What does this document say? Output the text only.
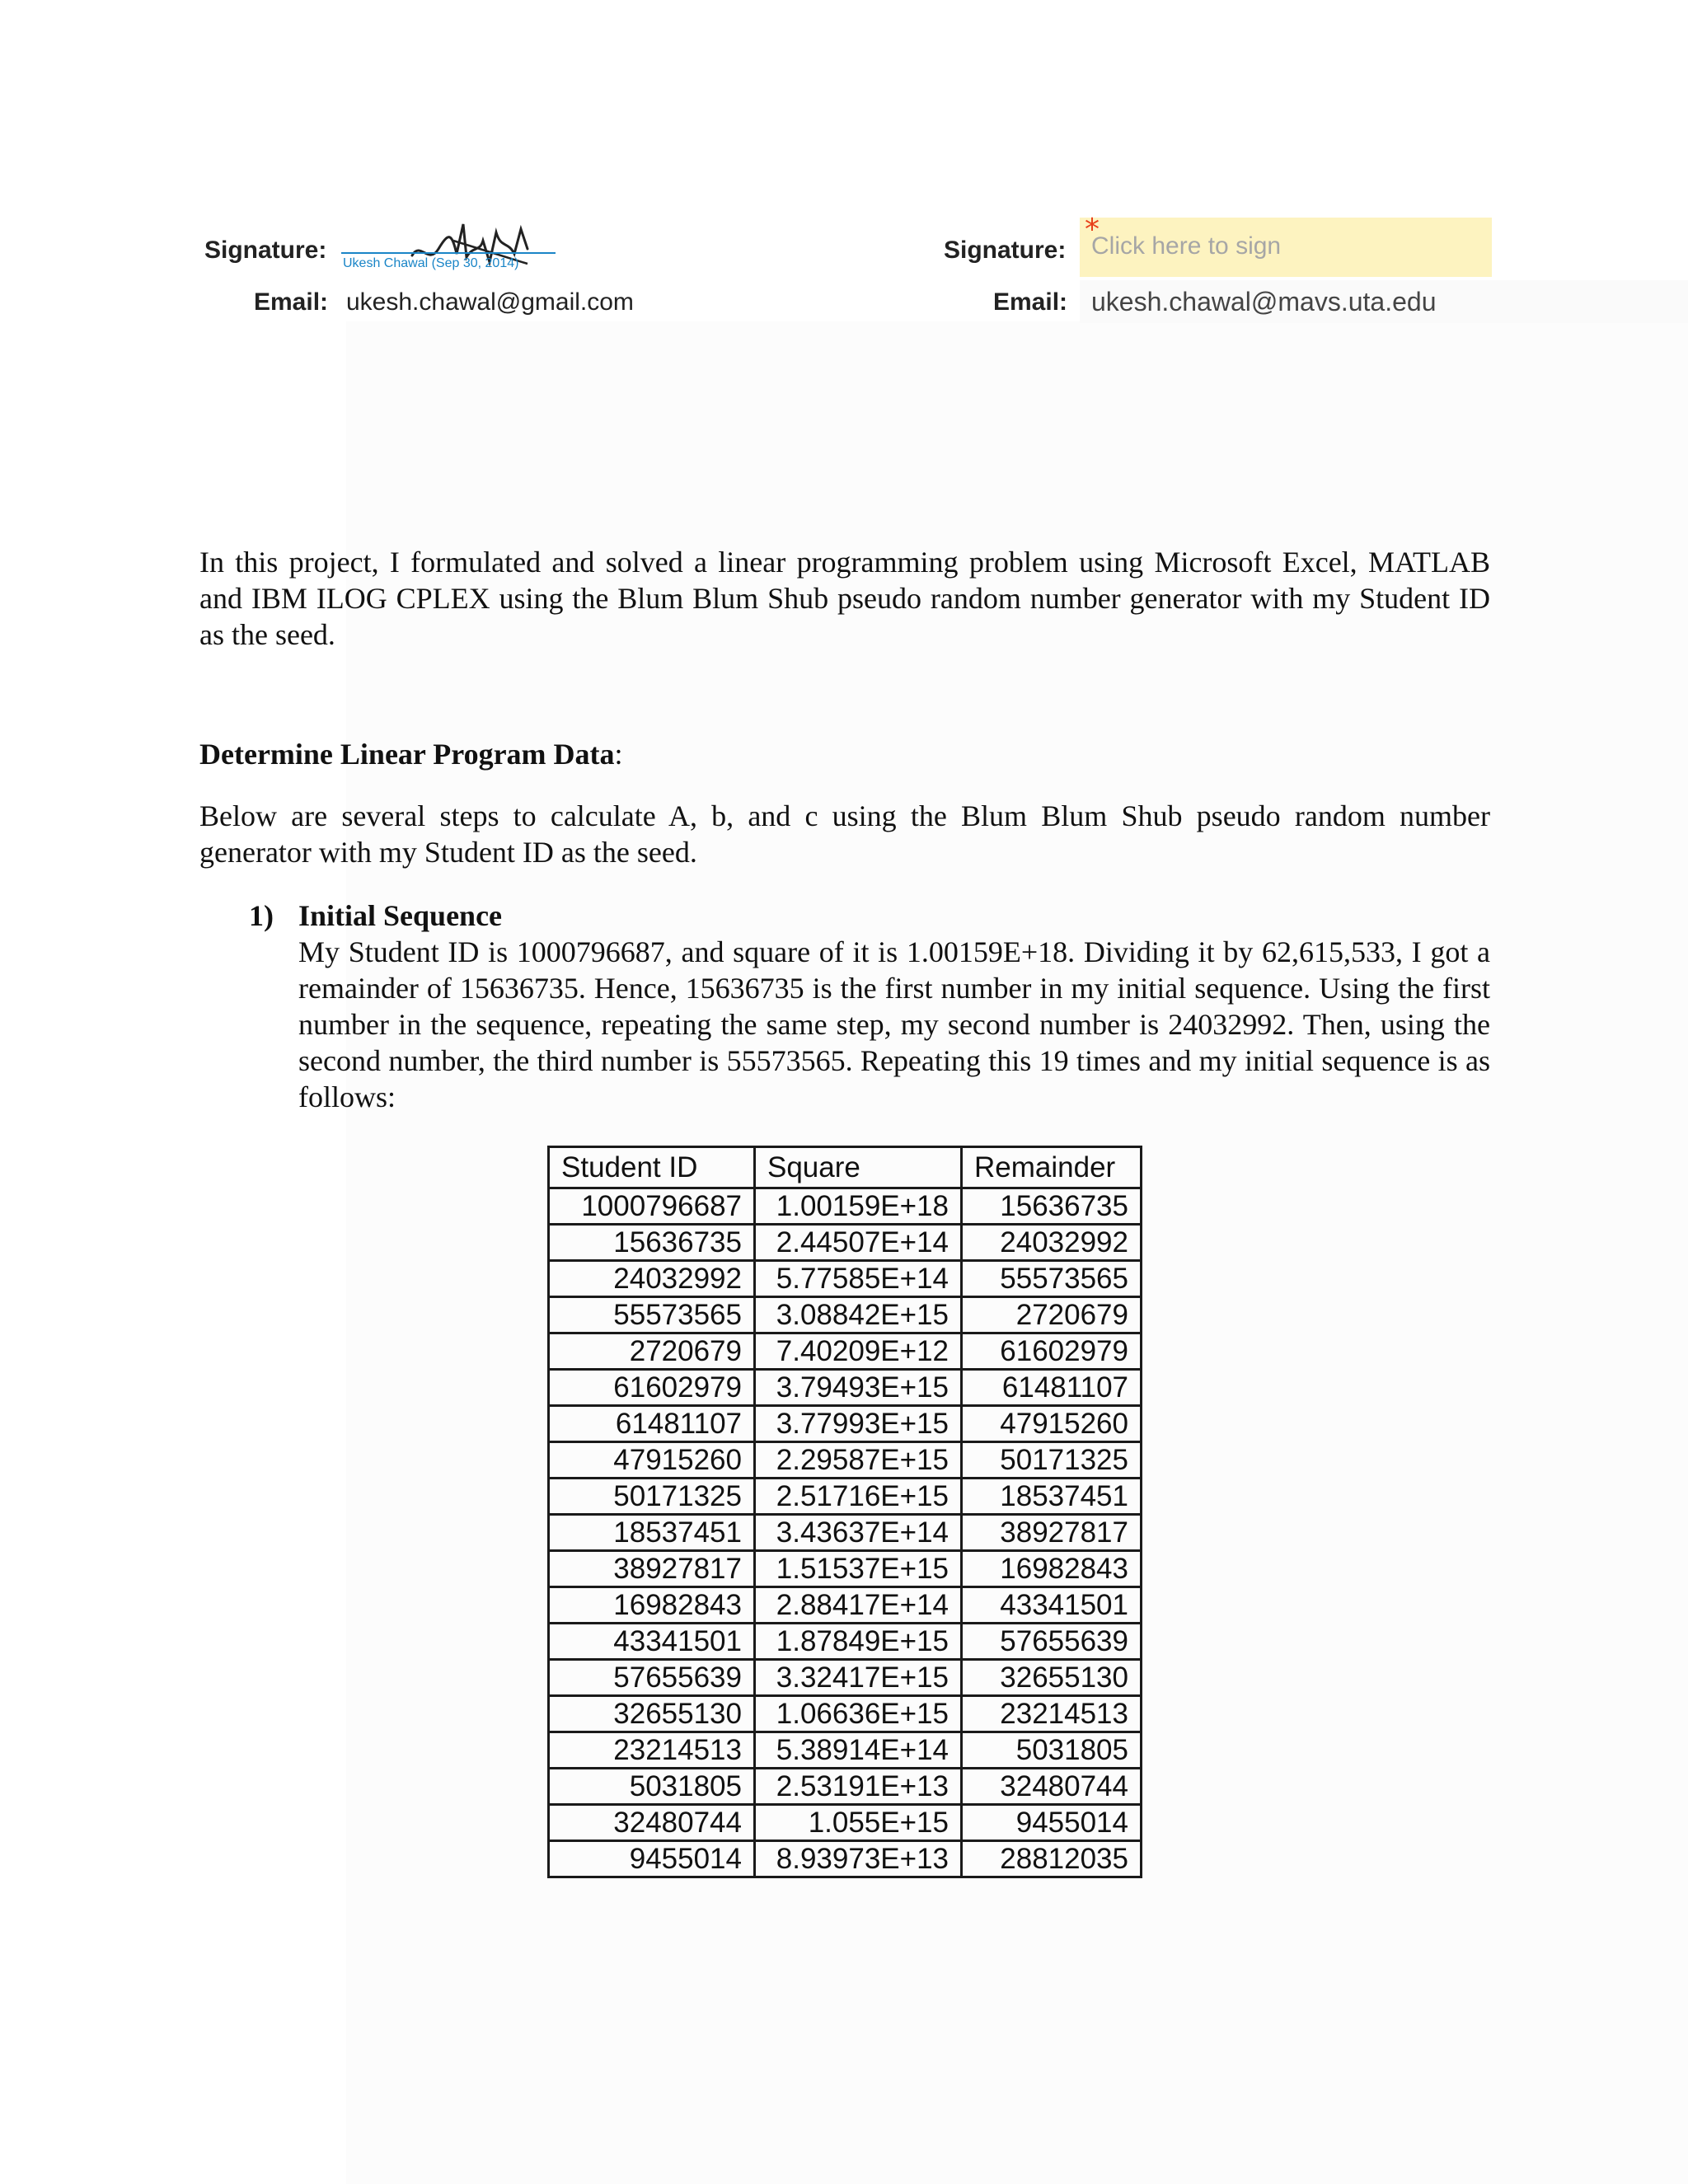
Signature: Ukesh Chawal (Sep 30, 2014)
Email: ukesh.chawal@gmail.com
Signature:
*
Click here to sign
Email: ukesh.chawal@mavs.uta.edu

In this project, I formulated and solved a linear programming problem using Microsoft Excel, MATLAB and IBM ILOG CPLEX using the Blum Blum Shub pseudo random number generator with my Student ID as the seed.

Determine Linear Program Data:

Below are several steps to calculate A, b, and c using the Blum Blum Shub pseudo random number generator with my Student ID as the seed.

1) Initial Sequence

My Student ID is 1000796687, and square of it is 1.00159E+18. Dividing it by 62,615,533, I got a remainder of 15636735. Hence, 15636735 is the first number in my initial sequence. Using the first number in the sequence, repeating the same step, my second number is 24032992. Then, using the second number, the third number is 55573565. Repeating this 19 times and my initial sequence is as follows:

Student ID	Square	Remainder
1000796687	1.00159E+18	15636735
15636735	2.44507E+14	24032992
24032992	5.77585E+14	55573565
55573565	3.08842E+15	2720679
2720679	7.40209E+12	61602979
61602979	3.79493E+15	61481107
61481107	3.77993E+15	47915260
47915260	2.29587E+15	50171325
50171325	2.51716E+15	18537451
18537451	3.43637E+14	38927817
38927817	1.51537E+15	16982843
16982843	2.88417E+14	43341501
43341501	1.87849E+15	57655639
57655639	3.32417E+15	32655130
32655130	1.06636E+15	23214513
23214513	5.38914E+14	5031805
5031805	2.53191E+13	32480744
32480744	1.055E+15	9455014
9455014	8.93973E+13	28812035
